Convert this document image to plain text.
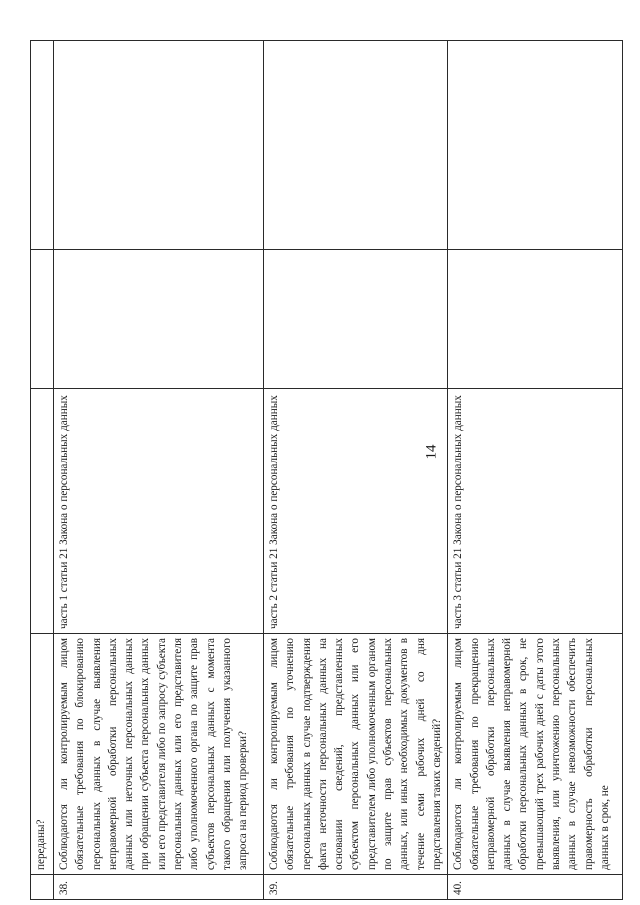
14
	переданы?			
38.	Соблюдаются ли контролируемым лицом обязательные требования по блокированию персональных данных в случае выявления неправомерной обработки персональных данных или неточных персональных данных при обращении субъекта персональных данных или его представителя либо по запросу субъекта персональных данных или его представителя либо уполномоченного органа по защите прав субъектов персональных данных с момента такого обращения или получения указанного запроса на период проверки?	часть 1 статьи 21 Закона о персональных данных		
39.	Соблюдаются ли контролируемым лицом обязательные требования по уточнению персональных данных в случае подтверждения факта неточности персональных данных на основании сведений, представленных субъектом персональных данных или его представителем либо уполномоченным органом по защите прав субъектов персональных данных, или иных необходимых документов в течение семи рабочих дней со дня представления таких сведений?	часть 2 статьи 21 Закона о персональных данных		
40.	Соблюдаются ли контролируемым лицом обязательные требования по прекращению неправомерной обработки персональных данных в случае выявления неправомерной обработки персональных данных в срок, не превышающий трех рабочих дней с даты этого выявления, или уничтожению персональных данных в случае невозможности обеспечить правомерность обработки персональных данных в срок, не	часть 3 статьи 21 Закона о персональных данных		
